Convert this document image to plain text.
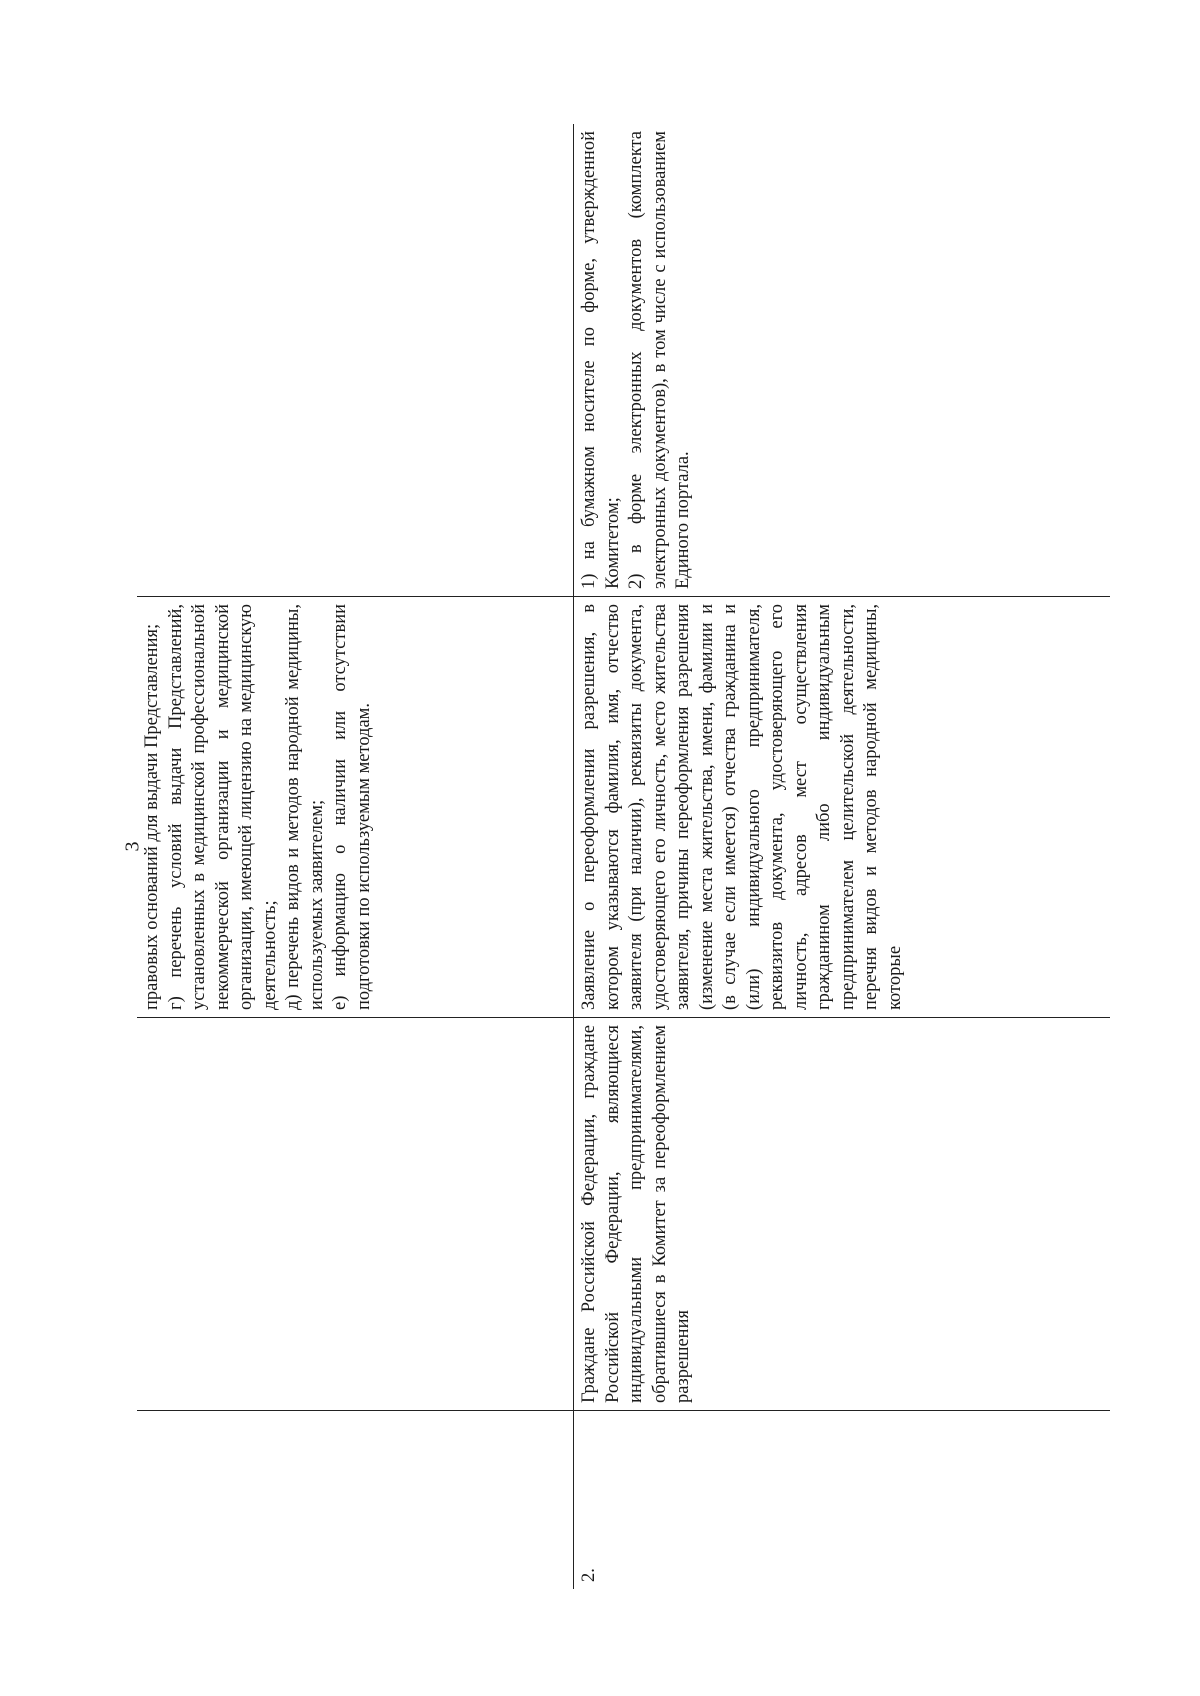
3

		правовых оснований для выдачи Представления; г) перечень условий выдачи Представлений, установленных в медицинской профессиональной некоммерческой организации и медицинской организации, имеющей лицензию на медицинскую деятельность; д) перечень видов и методов народной медицины, используемых заявителем; е) информацию о наличии или отсутствии подготовки по используемым методам.	

2.	Граждане Российской Федерации, граждане Российской Федерации, являющиеся индивидуальными предпринимателями, обратившиеся в Комитет за переоформлением разрешения	Заявление о переоформлении разрешения, в котором указываются фамилия, имя, отчество заявителя (при наличии), реквизиты документа, удостоверяющего его личность, место жительства заявителя, причины переоформления разрешения (изменение места жительства, имени, фамилии и (в случае если имеется) отчества гражданина и (или) индивидуального предпринимателя, реквизитов документа, удостоверяющего его личность, адресов мест осуществления гражданином либо индивидуальным предпринимателем целительской деятельности, перечня видов и методов народной медицины, которые	1) на бумажном носителе по форме, утвержденной Комитетом; 2) в форме электронных документов (комплекта электронных документов), в том числе с использованием Единого портала.
